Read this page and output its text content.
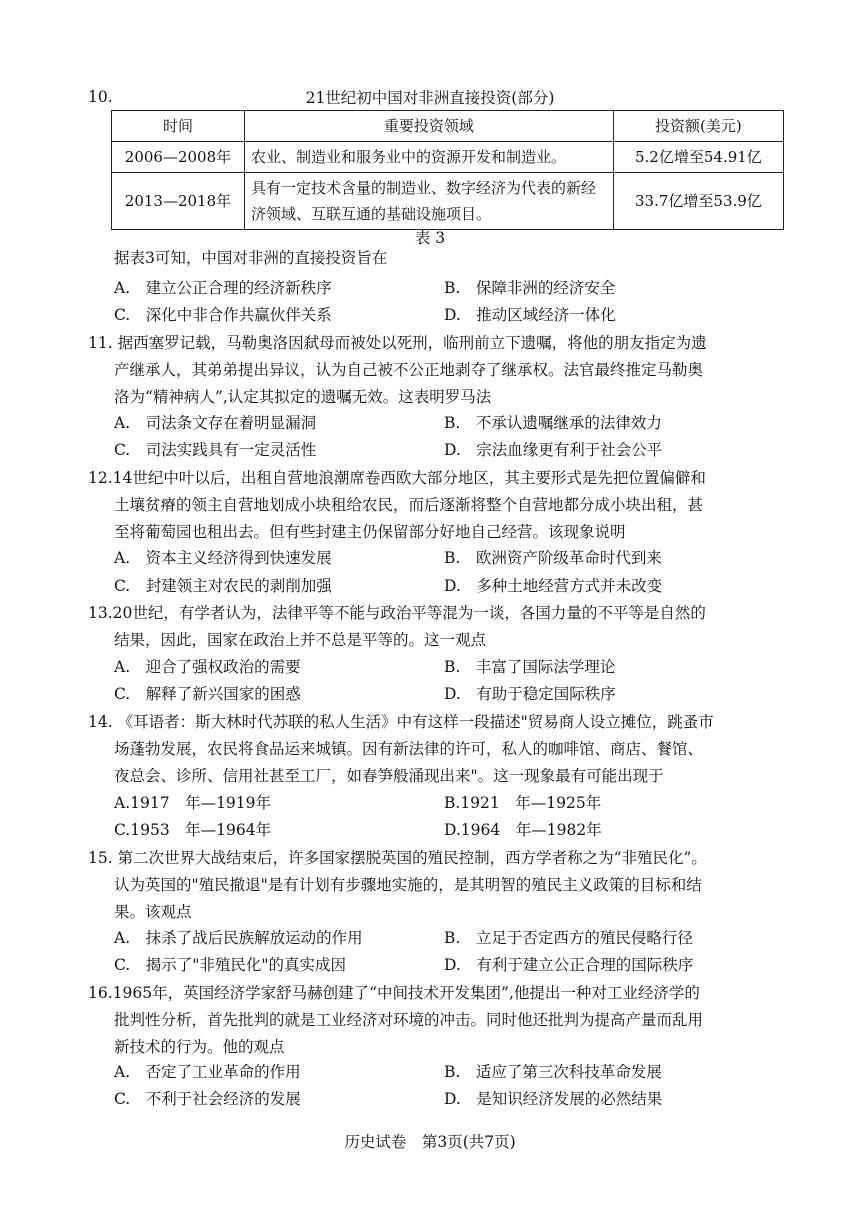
10.	21世纪初中国对非洲直接投资(部分)
时间	重要投资领域	投资额(美元)
2006—2008年	农业、制造业和服务业中的资源开发和制造业。	5.2亿增至54.91亿
2013—2018年	具有一定技术含量的制造业、数字经济为代表的新经济领域、互联互通的基础设施项目。	33.7亿增至53.9亿
表 3
据表3可知，中国对非洲的直接投资旨在
A.　建立公正合理的经济新秩序	B.　保障非洲的经济安全
C.　深化中非合作共赢伙伴关系	D.　推动区域经济一体化
11. 据西塞罗记载，马勒奥洛因弑母而被处以死刑，临刑前立下遗嘱，将他的朋友指定为遗
产继承人，其弟弟提出异议，认为自己被不公正地剥夺了继承权。法官最终推定马勒奥
洛为“精神病人”,认定其拟定的遗嘱无效。这表明罗马法
A.　司法条文存在着明显漏洞	B.　不承认遗嘱继承的法律效力
C.　司法实践具有一定灵活性	D.　宗法血缘更有利于社会公平
12.14世纪中叶以后，出租自营地浪潮席卷西欧大部分地区，其主要形式是先把位置偏僻和
土壤贫瘠的领主自营地划成小块租给农民，而后逐渐将整个自营地都分成小块出租，甚
至将葡萄园也租出去。但有些封建主仍保留部分好地自己经营。该现象说明
A.　资本主义经济得到快速发展	B.　欧洲资产阶级革命时代到来
C.　封建领主对农民的剥削加强	D.　多种土地经营方式并未改变
13.20世纪，有学者认为，法律平等不能与政治平等混为一谈，各国力量的不平等是自然的
结果，因此，国家在政治上并不总是平等的。这一观点
A.　迎合了强权政治的需要	B.　丰富了国际法学理论
C.　解释了新兴国家的困惑	D.　有助于稳定国际秩序
14. 《耳语者：斯大林时代苏联的私人生活》中有这样一段描述"贸易商人设立摊位，跳蚤市
场蓬勃发展，农民将食品运来城镇。因有新法律的许可，私人的咖啡馆、商店、餐馆、
夜总会、诊所、信用社甚至工厂，如春笋般涌现出来"。这一现象最有可能出现于
A.1917　年—1919年	B.1921　年—1925年
C.1953　年—1964年	D.1964　年—1982年
15. 第二次世界大战结束后，许多国家摆脱英国的殖民控制，西方学者称之为“非殖民化”。
认为英国的"殖民撤退"是有计划有步骤地实施的，是其明智的殖民主义政策的目标和结
果。该观点
A.　抹杀了战后民族解放运动的作用	B.　立足于否定西方的殖民侵略行径
C.　揭示了"非殖民化"的真实成因	D.　有利于建立公正合理的国际秩序
16.1965年，英国经济学家舒马赫创建了“中间技术开发集团”,他提出一种对工业经济学的
批判性分析，首先批判的就是工业经济对环境的冲击。同时他还批判为提高产量而乱用
新技术的行为。他的观点
A.　否定了工业革命的作用	B.　适应了第三次科技革命发展
C.　不利于社会经济的发展	D.　是知识经济发展的必然结果
历史试卷　第3页(共7页)
